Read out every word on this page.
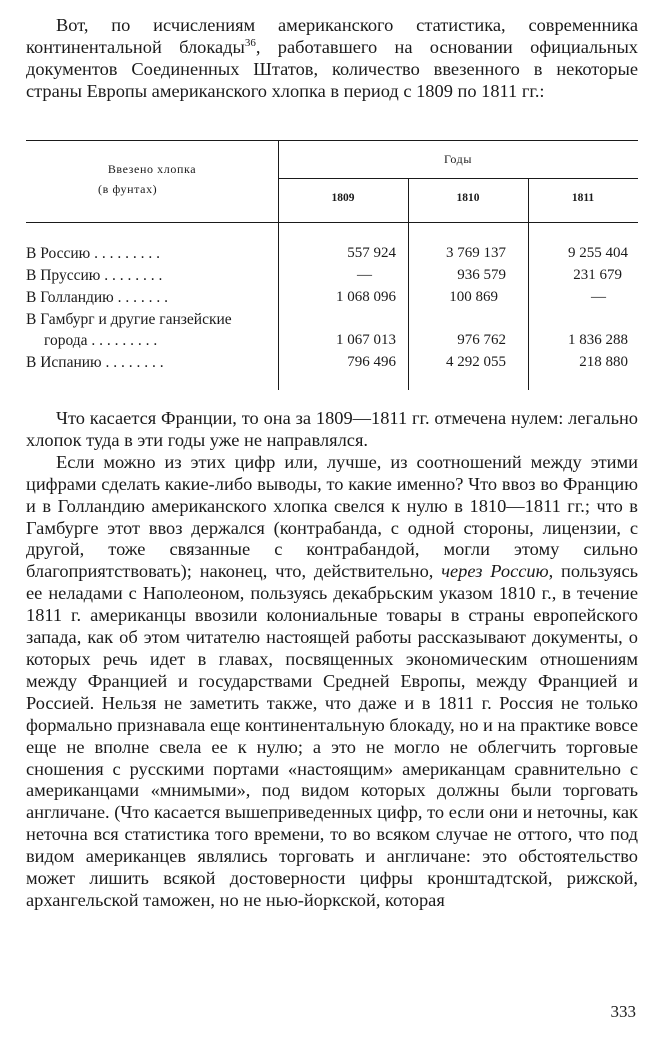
Вот, по исчислениям американского статистика, современника континентальной блокады$^{36}$, работавшего на основании официальных документов Соединенных Штатов, количество ввезенного в некоторые страны Европы американского хлопка в период с 1809 по 1811 гг.:

Ввезено хлопка
(в фунтах)
Годы
1809	1810	1811
В Россию . . . . . . . . .	557 924	3 769 137	9 255 404
В Пруссию . . . . . . . .	—	936 579	231 679
В Голландию . . . . . . .	1 068 096	100 869	—
В Гамбург и другие ганзейские
города . . . . . . . . .	1 067 013	976 762	1 836 288
В Испанию . . . . . . . .	796 496	4 292 055	218 880

Что касается Франции, то она за 1809—1811 гг. отмечена нулем: легально хлопок туда в эти годы уже не направлялся.

Если можно из этих цифр или, лучше, из соотношений между этими цифрами сделать какие-либо выводы, то какие именно? Что ввоз во Францию и в Голландию американского хлопка свелся к нулю в 1810—1811 гг.; что в Гамбурге этот ввоз держался (контрабанда, с одной стороны, лицензии, с другой, тоже связанные с контрабандой, могли этому сильно благоприятствовать); наконец, что, действительно, через Россию, пользуясь ее неладами с Наполеоном, пользуясь декабрьским указом 1810 г., в течение 1811 г. американцы ввозили колониальные товары в страны европейского запада, как об этом читателю настоящей работы рассказывают документы, о которых речь идет в главах, посвященных экономическим отношениям между Францией и государствами Средней Европы, между Францией и Россией. Нельзя не заметить также, что даже и в 1811 г. Россия не только формально признавала еще континентальную блокаду, но и на практике вовсе еще не вполне свела ее к нулю; а это не могло не облегчить торговые сношения с русскими портами «настоящим» американцам сравнительно с американцами «мнимыми», под видом которых должны были торговать англичане. (Что касается вышеприведенных цифр, то если они и неточны, как неточна вся статистика того времени, то во всяком случае не оттого, что под видом американцев являлись торговать и англичане: это обстоятельство может лишить всякой достоверности цифры кронштадтской, рижской, архангельской таможен, но не нью-йоркской, которая

333
